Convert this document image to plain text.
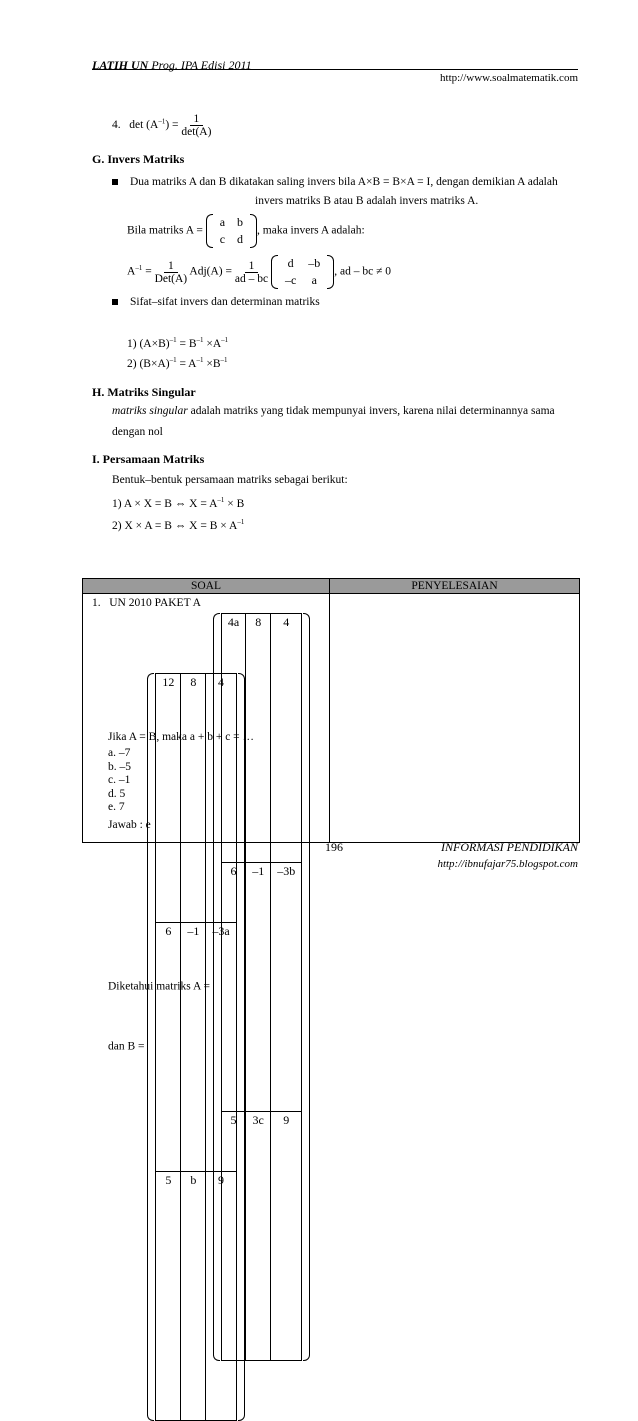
LATIH UN Prog. IPA Edisi 2011
http://www.soalmatematik.com
4. $\det (A^{-1}) = \frac{1}{\det(A)}$
G. Invers Matriks
Dua matriks A dan B dikatakan saling invers bila A×B = B×A = I, dengan demikian A adalah
invers matriks B atau B adalah invers matriks A.
Bila matriks A =
a	b
c	d
, maka invers A adalah:
$A^{-1} = \frac{1}{\text{Det(A)}} Adj(A) = \frac{1}{ad - bc}$
d	–b
–c	a
, ad – bc ≠ 0
Sifat–sifat invers dan determinan matriks
1) $(A\times B)^{-1} = B^{-1} \times A^{-1}$
2) $(B\times A)^{-1} = A^{-1} \times B^{-1}$
H. Matriks Singular
matriks singular adalah matriks yang tidak mempunyai invers, karena nilai determinannya sama
dengan nol
I. Persamaan Matriks
Bentuk–bentuk persamaan matriks sebagai berikut:
1) A × X = B ⇔ $X = A^{-1} \times B$
2) X × A = B ⇔ $X = B \times A^{-1}$
SOAL	PENYELESAIAN

1. UN 2010 PAKET A
Diketahui matriks A =
4a	8	4
6	–1	–3b
5	3c	9
dan B =
12	8	4
6	–1	–3a
5	b	9
Jika A = B, maka a + b + c = …
a. –7
b. –5
c. –1
d. 5
e. 7
Jawab : e

196	INFORMASI PENDIDIKAN
http://ibnufajar75.blogspot.com
